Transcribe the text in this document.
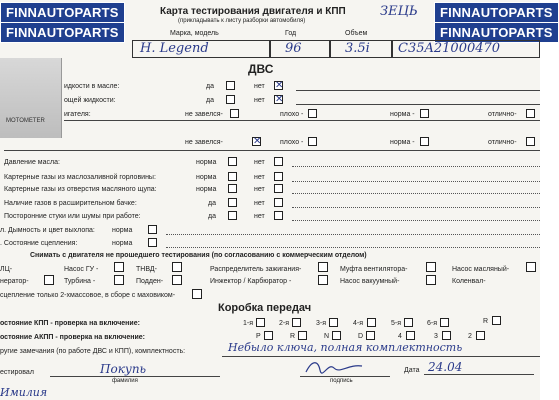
MOTOMETER
FINNAUTOPARTS
FINNAUTOPARTS
FINNAUTOPARTS
FINNAUTOPARTS
Карта тестирования двигателя и КПП
(прикладывать к листу разборки автомобиля)
ЗЕЦЬ
Марка, модель	Год	Объем
H. Legend	96	3.5i C35A21000470
ДВС
идкости в масле:	да	нет ✕
ощей жидкости:	да	нет ✕
игателя:	не завелся-	плохо -	норма -	отлично-
не завелся-	✕	плохо -	норма -	отлично-
Давление масла:	норма	нет
Картерные газы из маслозаливной горловины:	норма	нет
Картерные газы из отверстия масляного щупа:	норма	нет
Наличие газов в расширительном бачке:	да	нет
Посторонние стуки или шумы при работе:	да	нет
л. Дымность и цвет выхлопа: норма
. Состояние сцепления:	норма
Снимать с двигателя не прошедшего тестирования (по согласованию с коммерческим отделом)
ЛЦ-	Насос ГУ -	ТНВД-	Распределитель зажигания-	Муфта вентилятора-	Насос масляный-
нератор-	Турбина -	Подден-	Инжектор / Карбюратор -	Насос вакуумный-	Коленвал-
сцепление только 2-хмассовое, в сборе с маховиком-
Коробка передач
остояние КПП - проверка на включение:	1-я	2-я	3-я	4-я	5-я	6-я	R
остояние АКПП - проверка на включение:	P	R	N	D	4	3	2
ругие замечания (по работе ДВС и КПП), комплектность:	Небыло ключа, полная комплектность
естировал	Покупь
фамилия	подпись
Дата 24.04
Имилия
